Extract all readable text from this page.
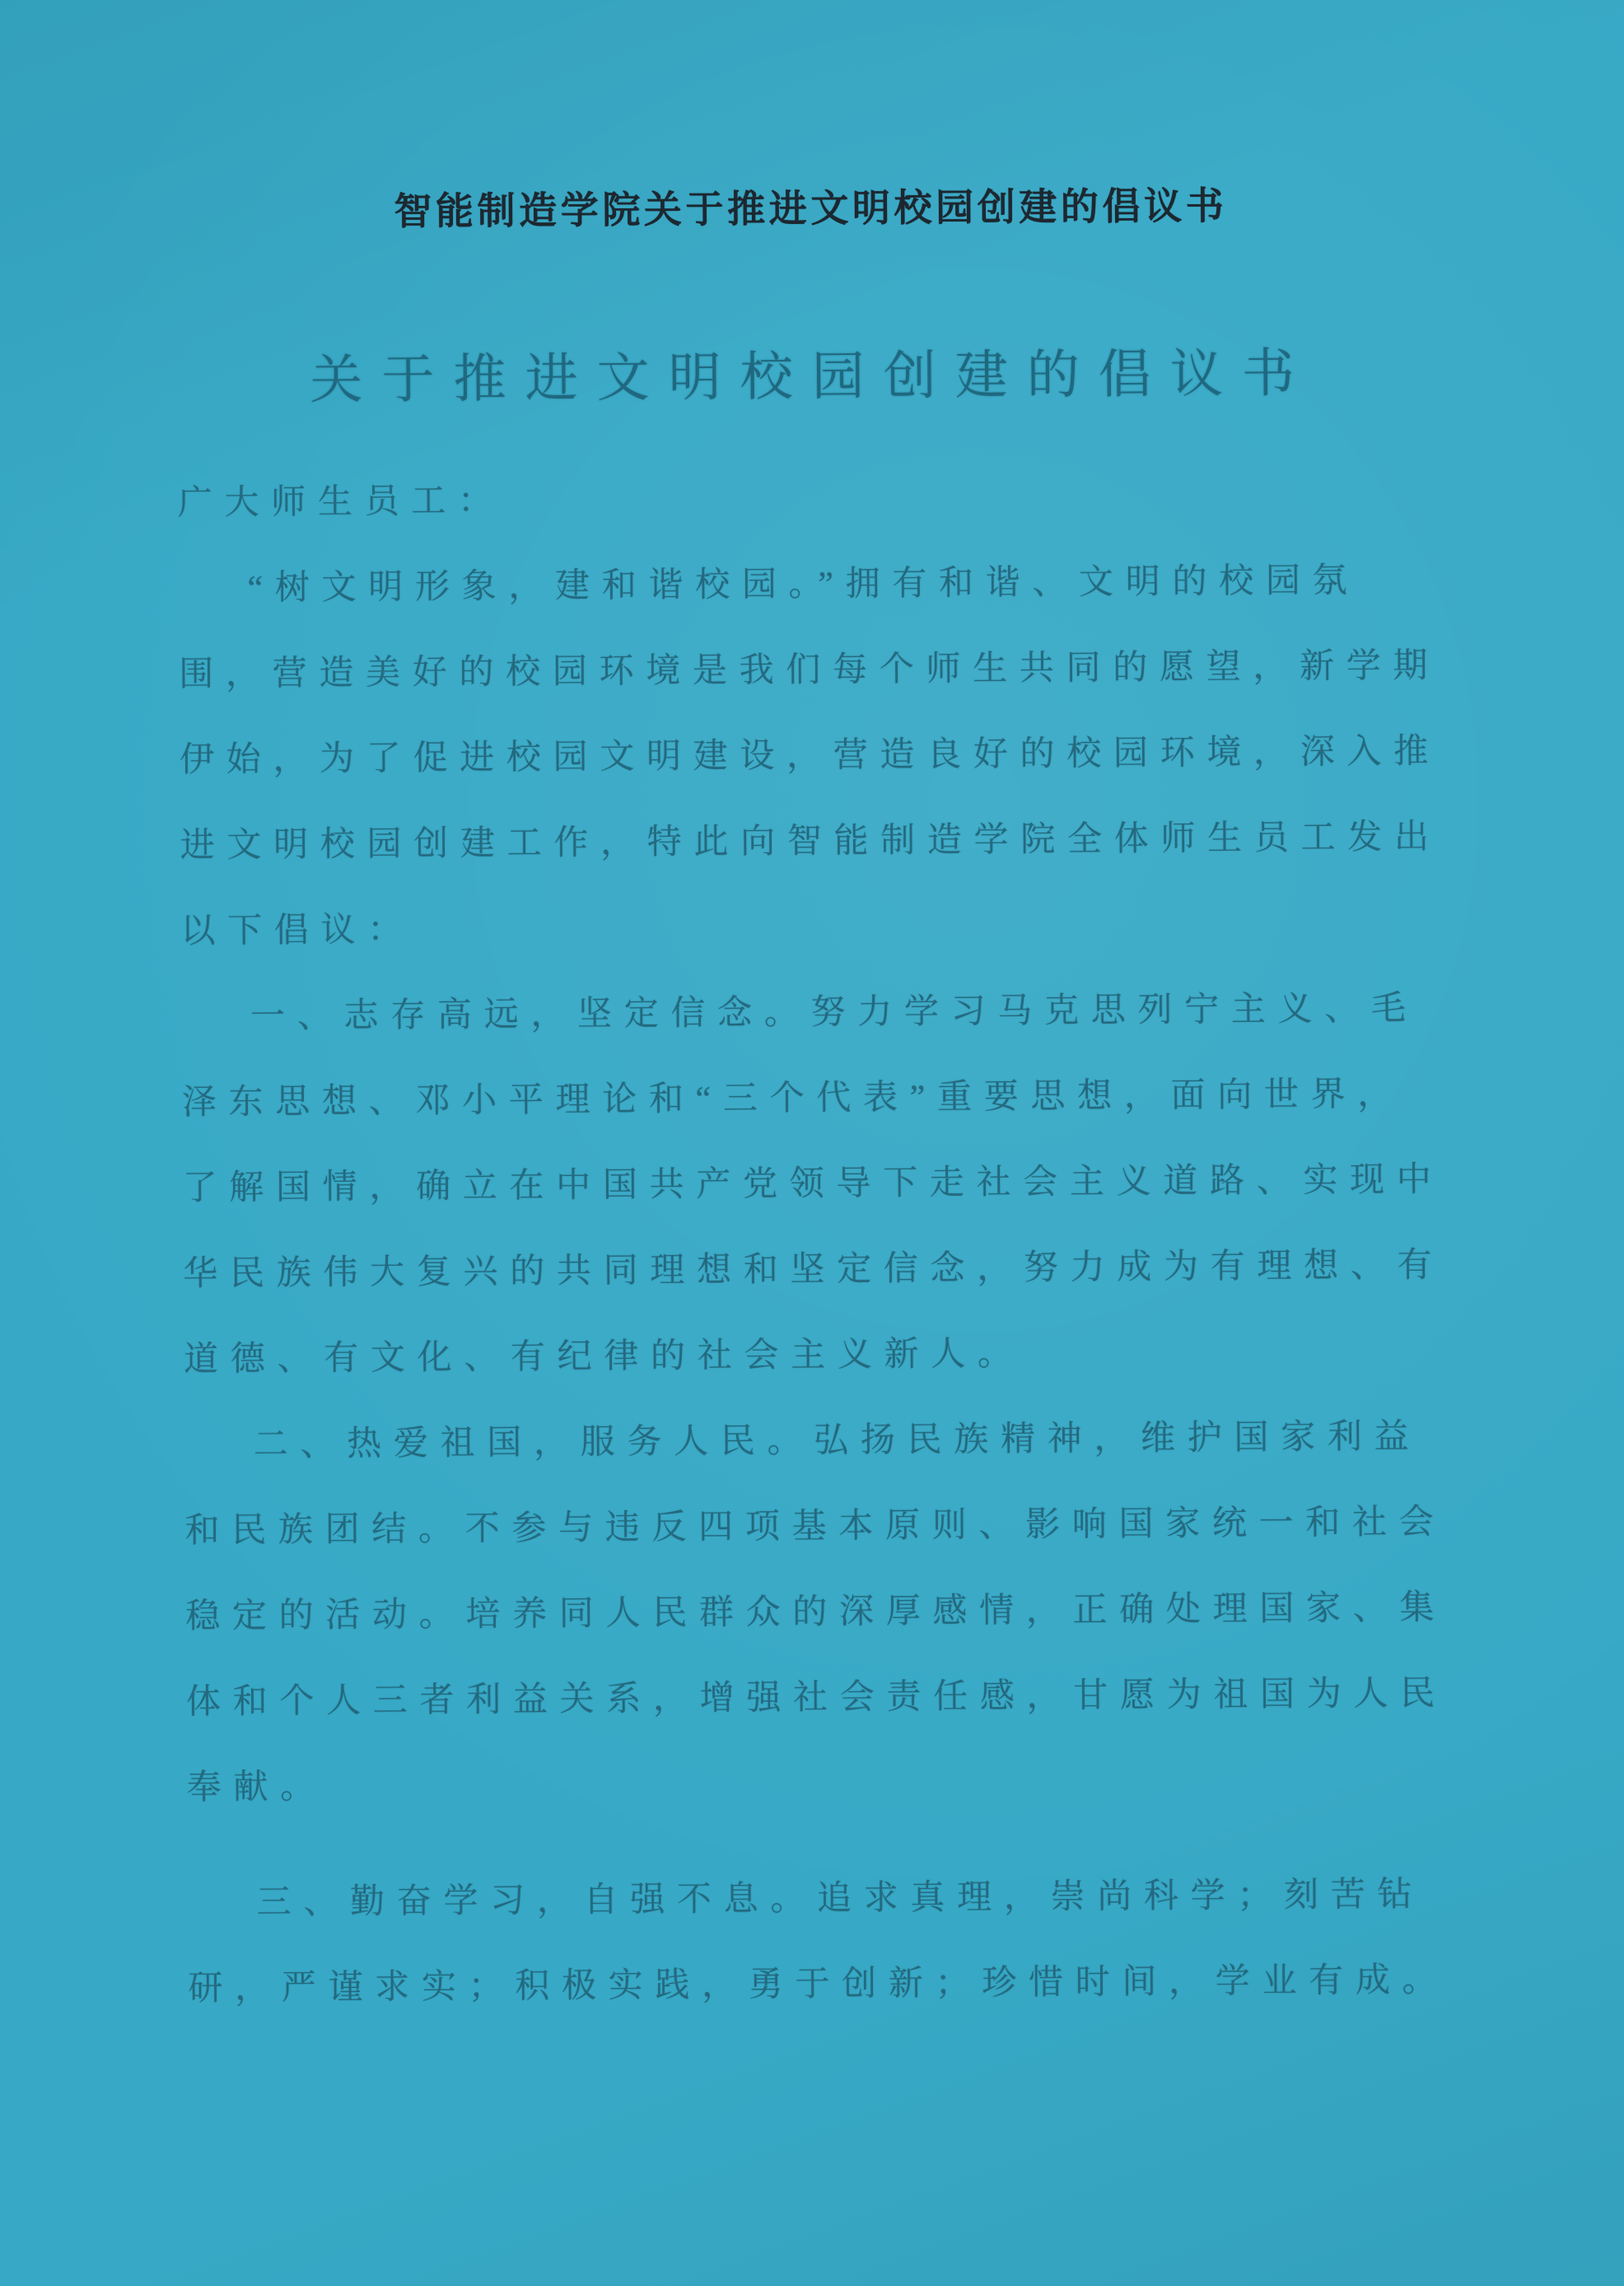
智能制造学院关于推进文明校园创建的倡议书
关于推进文明校园创建的倡议书
广大师生员工：
“树文明形象，建和谐校园。”拥有和谐、文明的校园氛
围，营造美好的校园环境是我们每个师生共同的愿望，新学期
伊始，为了促进校园文明建设，营造良好的校园环境，深入推
进文明校园创建工作，特此向智能制造学院全体师生员工发出
以下倡议：
一、志存高远，坚定信念。努力学习马克思列宁主义、毛
泽东思想、邓小平理论和“三个代表”重要思想，面向世界，
了解国情，确立在中国共产党领导下走社会主义道路、实现中
华民族伟大复兴的共同理想和坚定信念，努力成为有理想、有
道德、有文化、有纪律的社会主义新人。
二、热爱祖国，服务人民。弘扬民族精神，维护国家利益
和民族团结。不参与违反四项基本原则、影响国家统一和社会
稳定的活动。培养同人民群众的深厚感情，正确处理国家、集
体和个人三者利益关系，增强社会责任感，甘愿为祖国为人民
奉献。
三、勤奋学习，自强不息。追求真理，崇尚科学；刻苦钻
研，严谨求实；积极实践，勇于创新；珍惜时间，学业有成。
